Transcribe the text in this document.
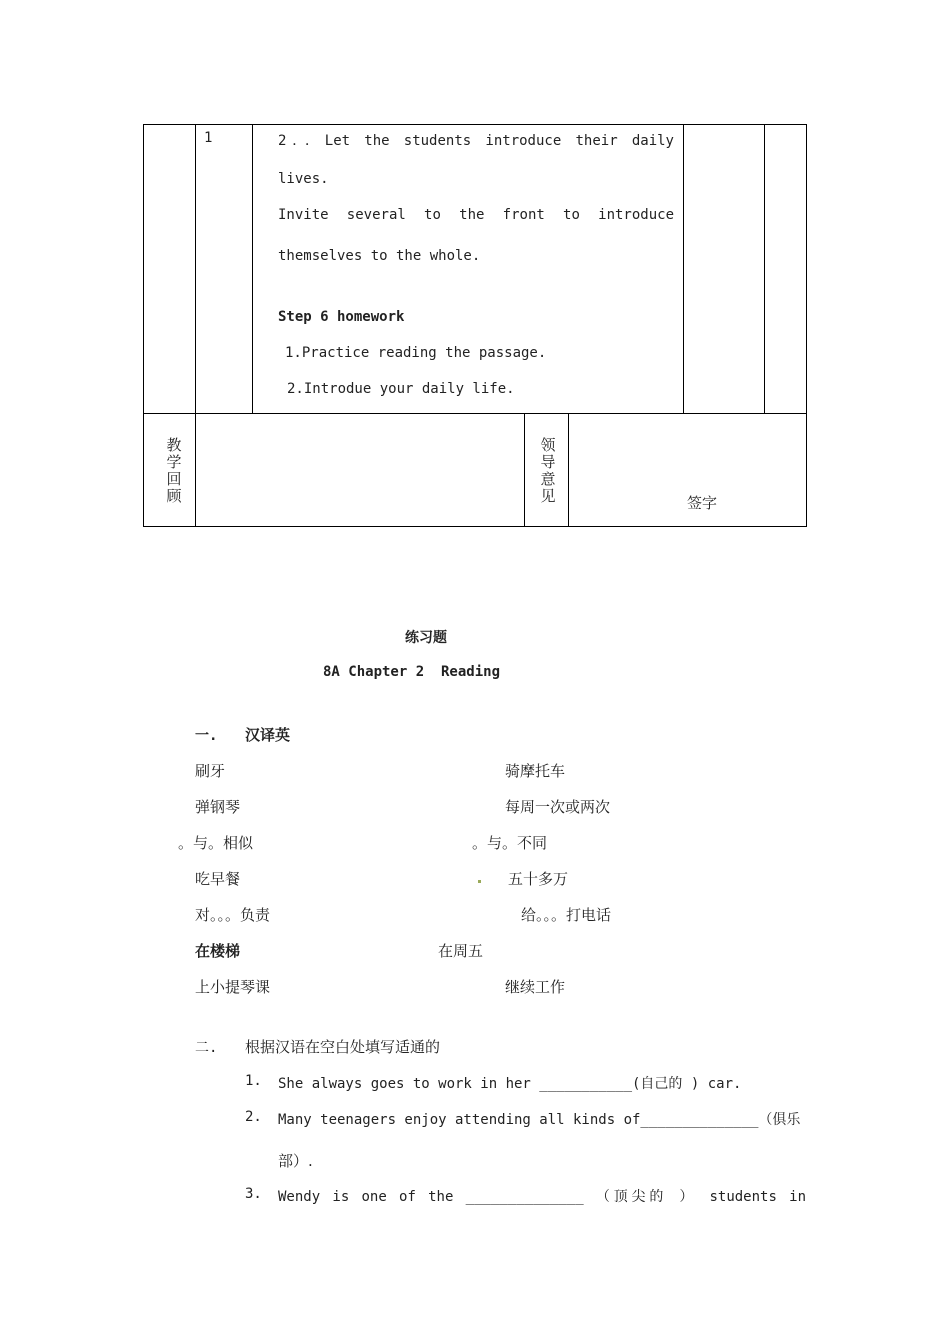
1	2．．Let the students introduce their daily
lives.
Invite several to the front to introduce
themselves to the whole.
Step 6 homework
1.Practice reading the passage.
2.Introdue your daily life.
教学回顾
领导意见	签字
练习题
8A Chapter 2  Reading
一. 汉译英
刷牙
弹钢琴
。与。相似
吃早餐
对。。。负责
在楼梯
上小提琴课
骑摩托车
每周一次或两次
。与。不同
五十多万
给。。。打电话
在周五
继续工作
二. 根据汉语在空白处填写适通的
1. She always goes to work in her ___________(自己的 ) car.
2. Many teenagers enjoy attending all kinds of______________（俱乐
部）.
3. Wendy is one of the ______________ （顶尖的 ） students in
